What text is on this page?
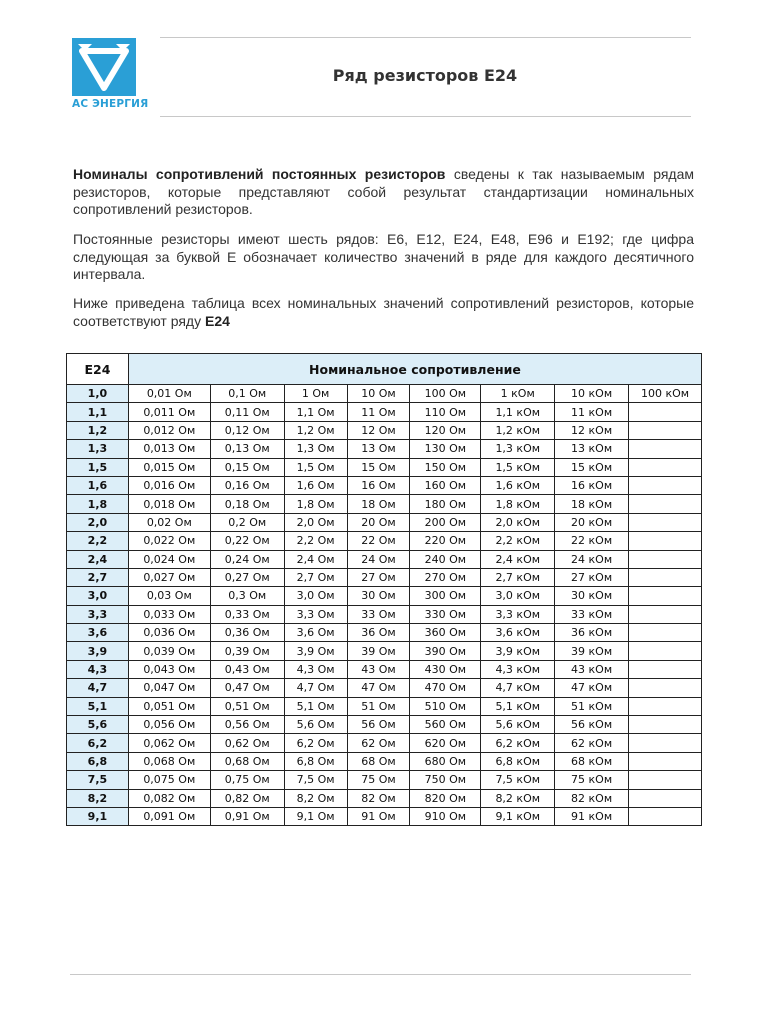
АС ЭНЕРГИЯ
Ряд резисторов Е24
Номиналы сопротивлений постоянных резисторов сведены к так называемым рядам резисторов, которые представляют собой результат стандартизации номинальных сопротивлений резисторов.
Постоянные резисторы имеют шесть рядов: Е6, Е12, Е24, Е48, Е96 и Е192; где цифра следующая за буквой Е обозначает количество значений в ряде для каждого десятичного интервала.
Ниже приведена таблица всех номинальных значений сопротивлений резисторов, которые соответствуют ряду Е24
Е24	Номинальное сопротивление							
1,0	0,01 Ом	0,1 Ом	1 Ом	10 Ом	100 Ом	1 кОм	10 кОм	100 кОм
1,1	0,011 Ом	0,11 Ом	1,1 Ом	11 Ом	110 Ом	1,1 кОм	11 кОм	
1,2	0,012 Ом	0,12 Ом	1,2 Ом	12 Ом	120 Ом	1,2 кОм	12 кОм	
1,3	0,013 Ом	0,13 Ом	1,3 Ом	13 Ом	130 Ом	1,3 кОм	13 кОм	
1,5	0,015 Ом	0,15 Ом	1,5 Ом	15 Ом	150 Ом	1,5 кОм	15 кОм	
1,6	0,016 Ом	0,16 Ом	1,6 Ом	16 Ом	160 Ом	1,6 кОм	16 кОм	
1,8	0,018 Ом	0,18 Ом	1,8 Ом	18 Ом	180 Ом	1,8 кОм	18 кОм	
2,0	0,02 Ом	0,2 Ом	2,0 Ом	20 Ом	200 Ом	2,0 кОм	20 кОм	
2,2	0,022 Ом	0,22 Ом	2,2 Ом	22 Ом	220 Ом	2,2 кОм	22 кОм	
2,4	0,024 Ом	0,24 Ом	2,4 Ом	24 Ом	240 Ом	2,4 кОм	24 кОм	
2,7	0,027 Ом	0,27 Ом	2,7 Ом	27 Ом	270 Ом	2,7 кОм	27 кОм	
3,0	0,03 Ом	0,3 Ом	3,0 Ом	30 Ом	300 Ом	3,0 кОм	30 кОм	
3,3	0,033 Ом	0,33 Ом	3,3 Ом	33 Ом	330 Ом	3,3 кОм	33 кОм	
3,6	0,036 Ом	0,36 Ом	3,6 Ом	36 Ом	360 Ом	3,6 кОм	36 кОм	
3,9	0,039 Ом	0,39 Ом	3,9 Ом	39 Ом	390 Ом	3,9 кОм	39 кОм	
4,3	0,043 Ом	0,43 Ом	4,3 Ом	43 Ом	430 Ом	4,3 кОм	43 кОм	
4,7	0,047 Ом	0,47 Ом	4,7 Ом	47 Ом	470 Ом	4,7 кОм	47 кОм	
5,1	0,051 Ом	0,51 Ом	5,1 Ом	51 Ом	510 Ом	5,1 кОм	51 кОм	
5,6	0,056 Ом	0,56 Ом	5,6 Ом	56 Ом	560 Ом	5,6 кОм	56 кОм	
6,2	0,062 Ом	0,62 Ом	6,2 Ом	62 Ом	620 Ом	6,2 кОм	62 кОм	
6,8	0,068 Ом	0,68 Ом	6,8 Ом	68 Ом	680 Ом	6,8 кОм	68 кОм	
7,5	0,075 Ом	0,75 Ом	7,5 Ом	75 Ом	750 Ом	7,5 кОм	75 кОм	
8,2	0,082 Ом	0,82 Ом	8,2 Ом	82 Ом	820 Ом	8,2 кОм	82 кОм	
9,1	0,091 Ом	0,91 Ом	9,1 Ом	91 Ом	910 Ом	9,1 кОм	91 кОм	
